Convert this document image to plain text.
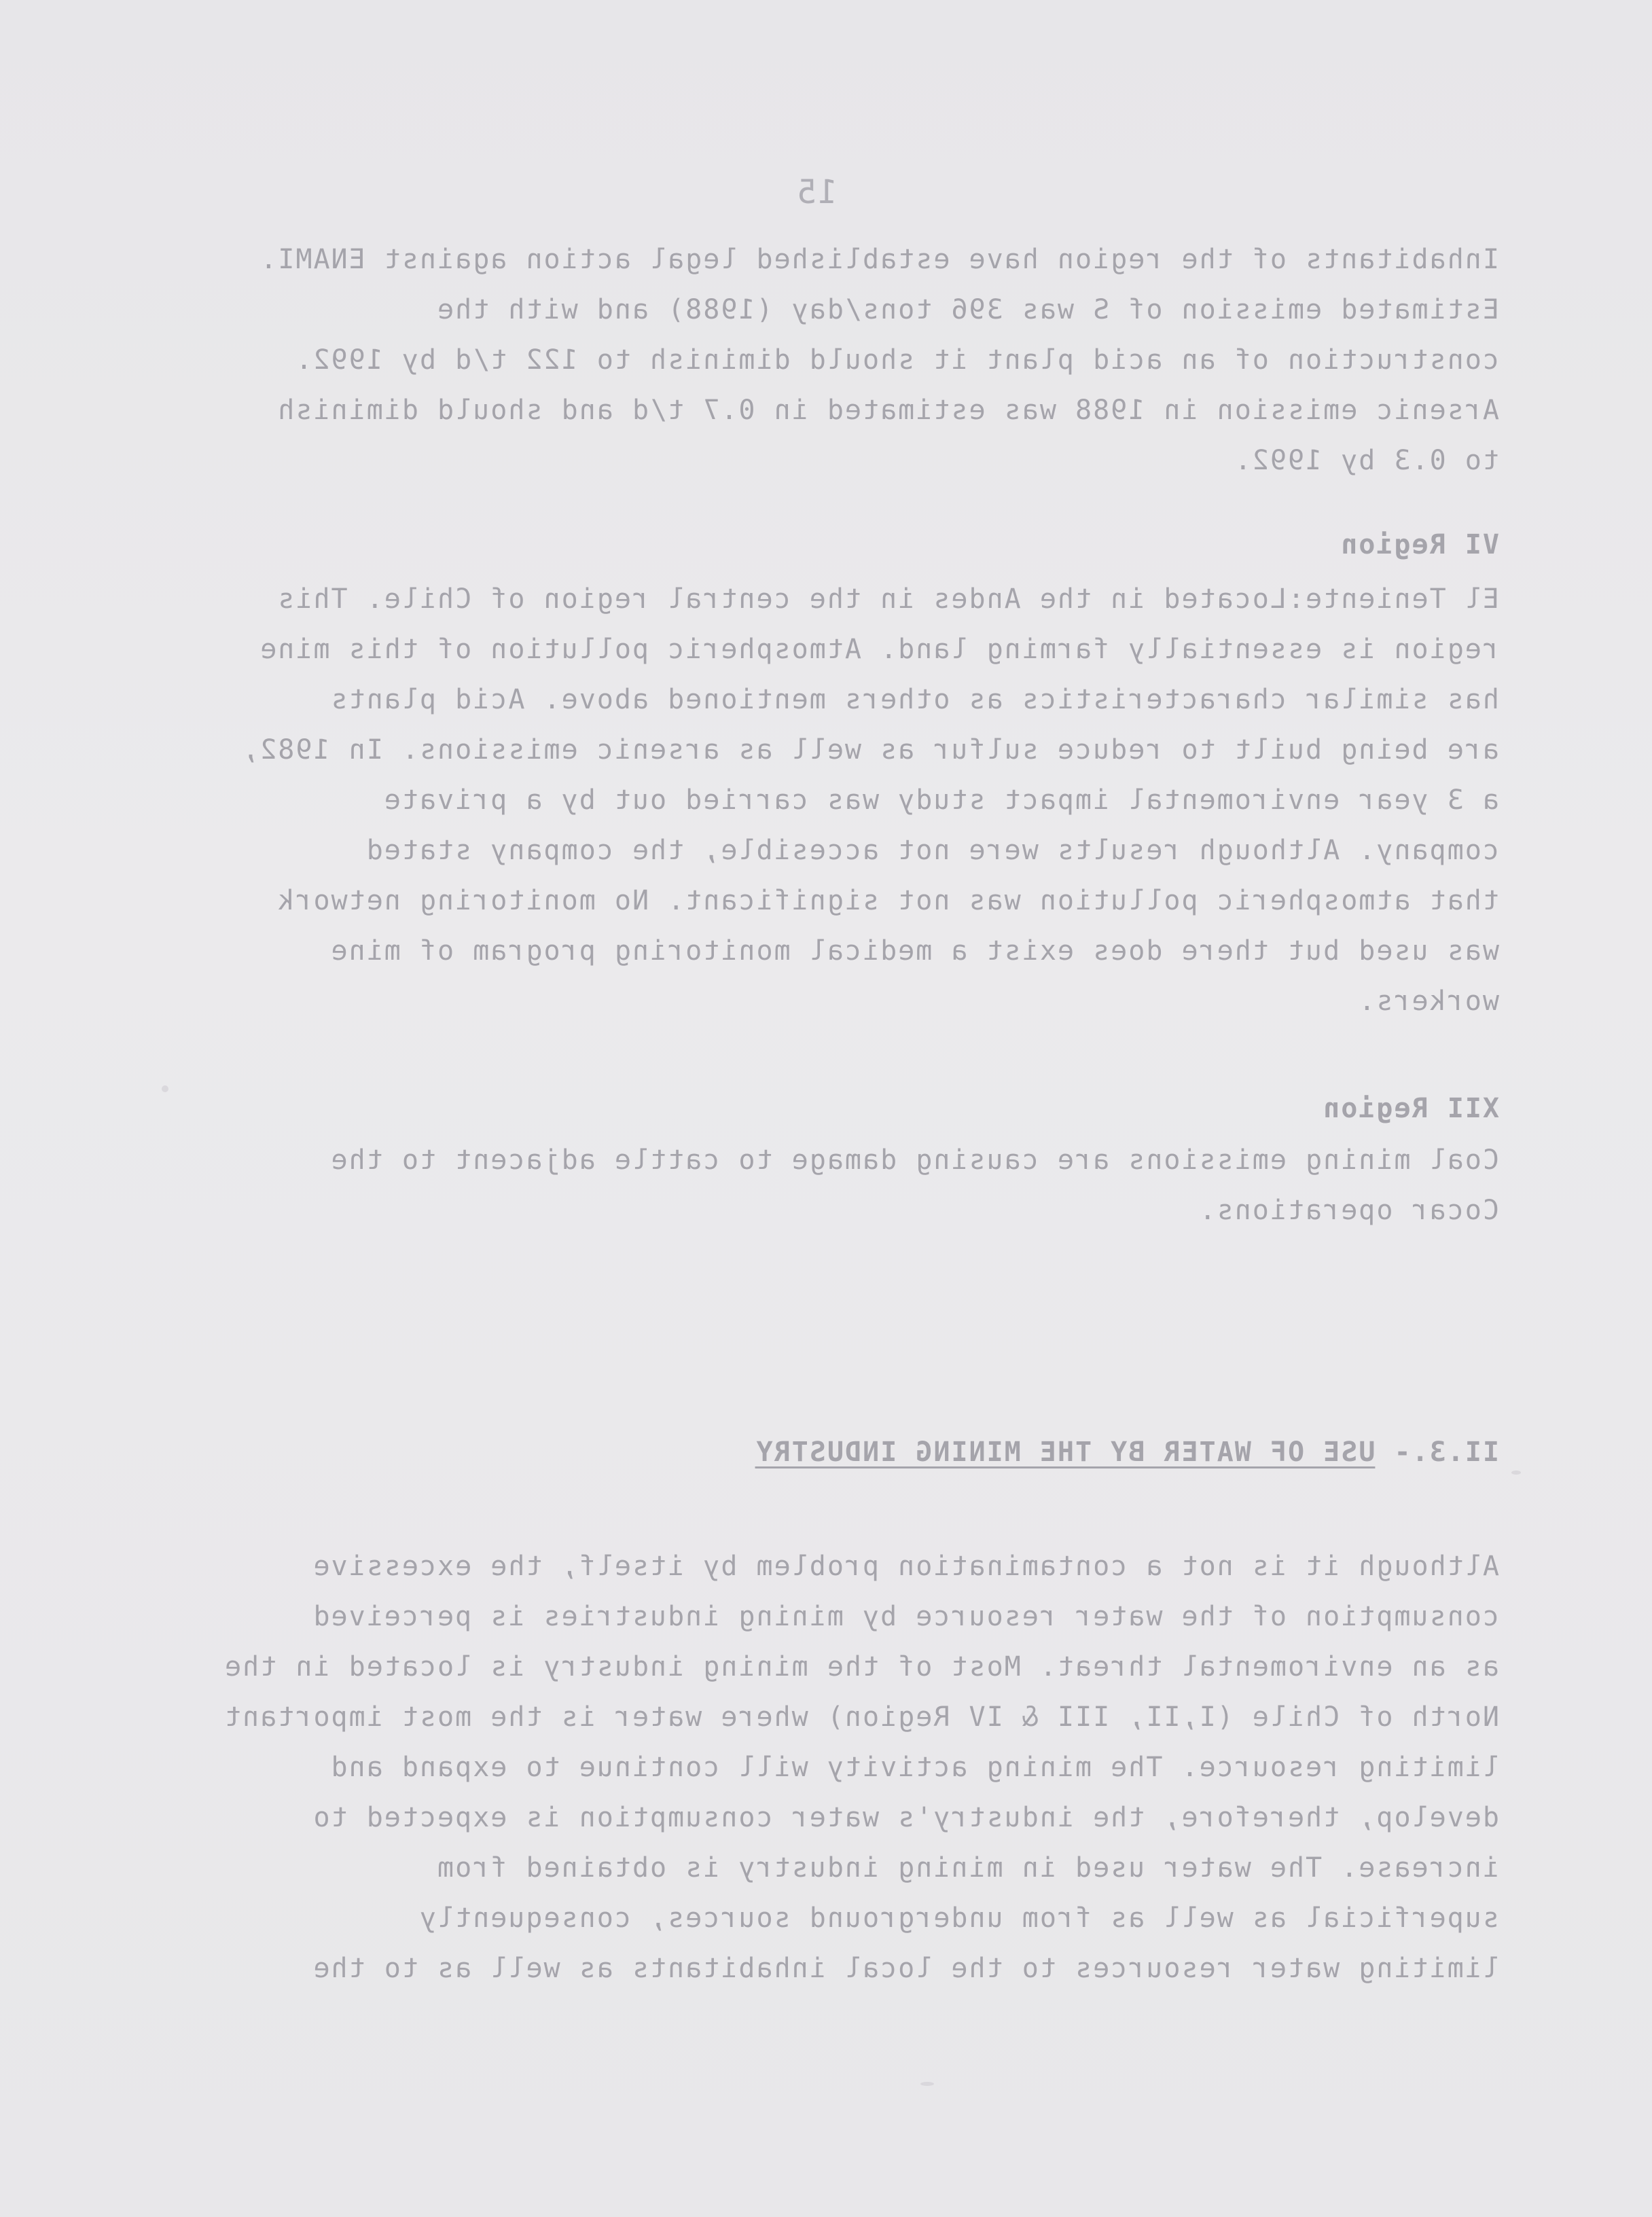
15
Inhabitants of the region have established legal action against ENAMI.
Estimated emission of S was 396 tons/day (1988) and with the
construction of an acid plant it should diminish to 122 t/d by 1992.
Arsenic emission in 1988 was estimated in 0.7 t/d and should diminish
to 0.3 by 1992.
VI Region
El Teniente:Located in the Andes in the central region of Chile. This
region is essentially farming land. Atmospheric pollution of this mine
has similar characteristics as others mentioned above. Acid plants
are being built to reduce sulfur as well as arsenic emissions. In 1982,
a 3 year enviromental impact study was carried out by a private
company. Although results were not accesible, the company stated
that atmospheric pollution was not significant. No monitoring network
was used but there does exist a medical monitoring program of mine
workers.
XII Region
Coal mining emissions are causing damage to cattle adjacent to the
Cocar operations.
II.3.- USE OF WATER BY THE MINING INDUSTRY
Although it is not a contamination problem by itself, the excessive
consumption of the water resource by mining industries is perceived
as an enviromental threat. Most of the mining industry is located in the
North of Chile (I,II, III & IV Region) where water is the most important
limiting resource. The mining activity will continue to expand and
develop, therefore, the industry's water consumption is expected to
increase. The water used in mining industry is obtained from
superficial as well as from underground sources, consequently
limiting water resources to the local inhabitants as well as to the
